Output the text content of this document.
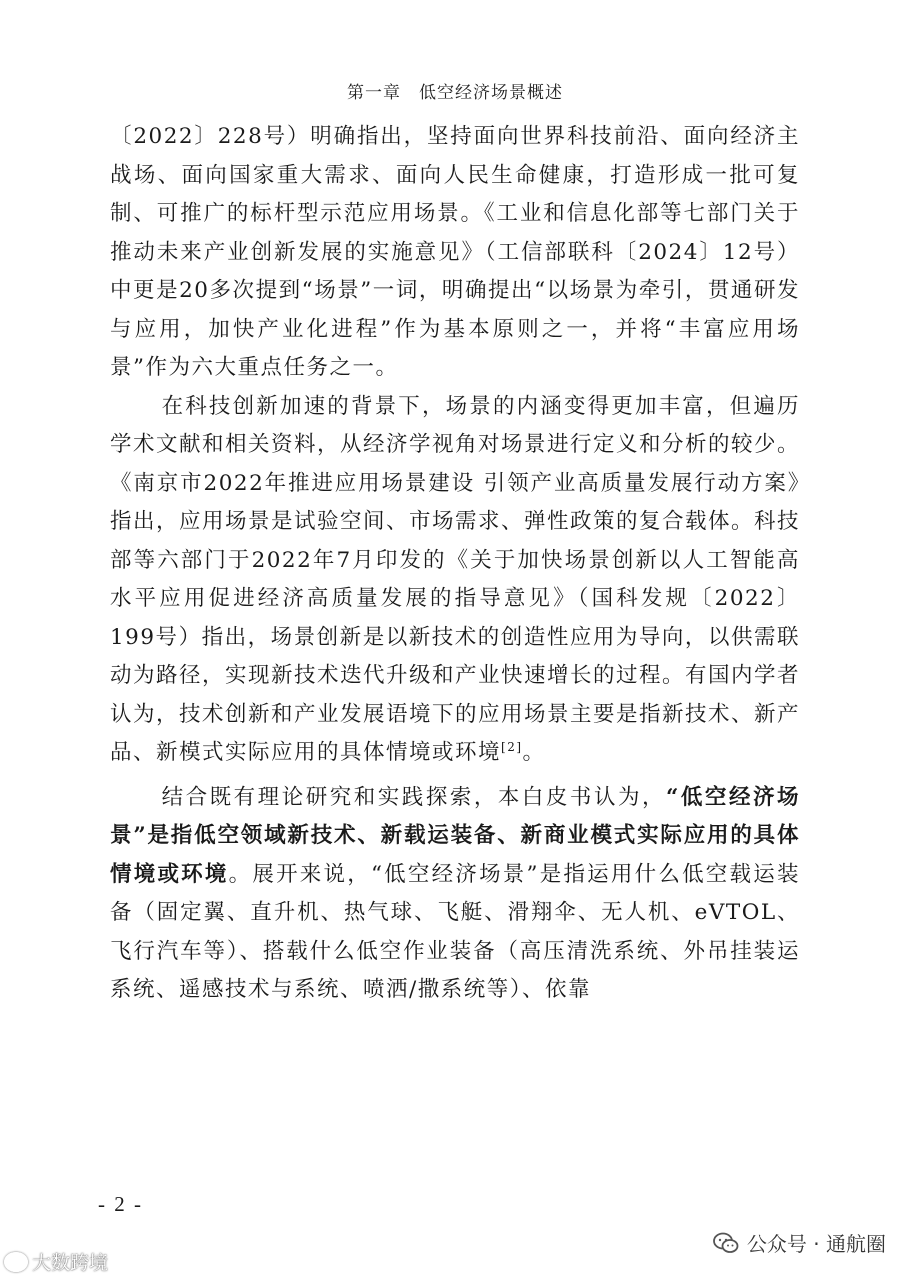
第一章　低空经济场景概述

〔2022〕228号）明确指出，坚持面向世界科技前沿、面向经济主战场、面向国家重大需求、面向人民生命健康，打造形成一批可复制、可推广的标杆型示范应用场景。《工业和信息化部等七部门关于推动未来产业创新发展的实施意见》（工信部联科〔2024〕12号）中更是20多次提到“场景”一词，明确提出“以场景为牵引，贯通研发与应用，加快产业化进程”作为基本原则之一，并将“丰富应用场景”作为六大重点任务之一。

在科技创新加速的背景下，场景的内涵变得更加丰富，但遍历学术文献和相关资料，从经济学视角对场景进行定义和分析的较少。《南京市2022年推进应用场景建设 引领产业高质量发展行动方案》指出，应用场景是试验空间、市场需求、弹性政策的复合载体。科技部等六部门于2022年7月印发的《关于加快场景创新以人工智能高水平应用促进经济高质量发展的指导意见》（国科发规〔2022〕199号）指出，场景创新是以新技术的创造性应用为导向，以供需联动为路径，实现新技术迭代升级和产业快速增长的过程。有国内学者认为，技术创新和产业发展语境下的应用场景主要是指新技术、新产品、新模式实际应用的具体情境或环境[2]。

结合既有理论研究和实践探索，本白皮书认为，“低空经济场景”是指低空领域新技术、新载运装备、新商业模式实际应用的具体情境或环境。展开来说，“低空经济场景”是指运用什么低空载运装备（固定翼、直升机、热气球、飞艇、滑翔伞、无人机、eVTOL、飞行汽车等）、搭载什么低空作业装备（高压清洗系统、外吊挂装运系统、遥感技术与系统、喷洒/撒系统等）、依靠

- 2 -
大数跨境
公众号 · 通航圈
